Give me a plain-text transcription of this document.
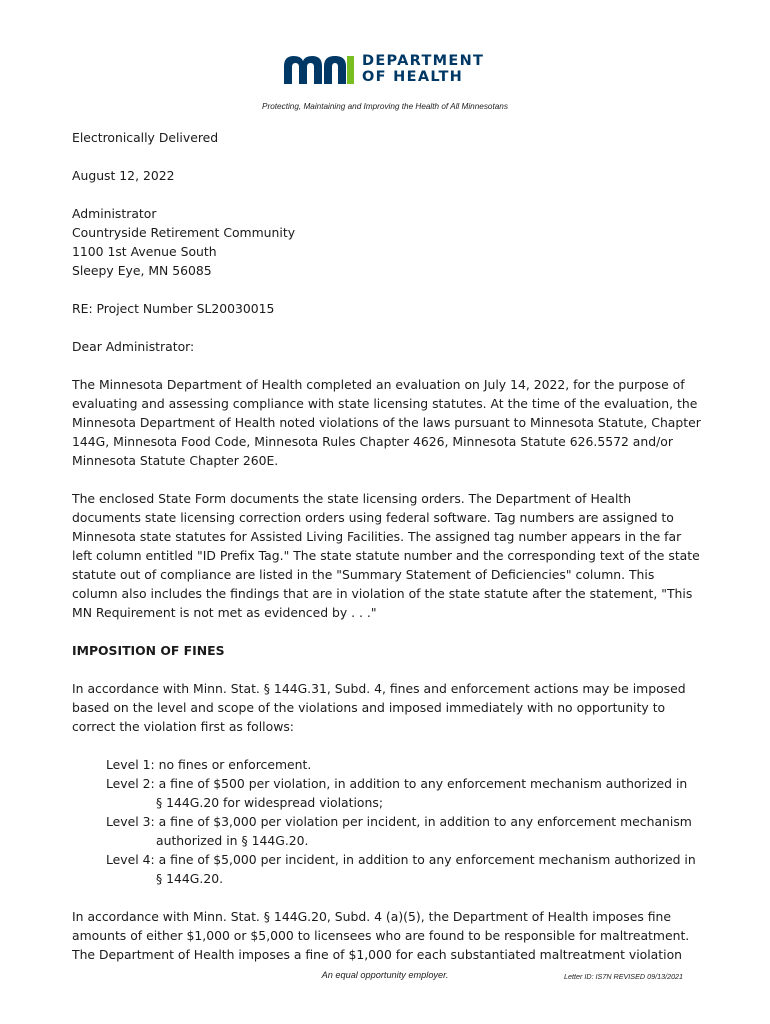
DEPARTMENT
OF HEALTH
Protecting, Maintaining and Improving the Health of All Minnesotans

Electronically Delivered

August 12, 2022

Administrator
Countryside Retirement Community
1100 1st Avenue South
Sleepy Eye, MN 56085

RE: Project Number SL20030015

Dear Administrator:

The Minnesota Department of Health completed an evaluation on July 14, 2022, for the purpose of evaluating and assessing compliance with state licensing statutes. At the time of the evaluation, the Minnesota Department of Health noted violations of the laws pursuant to Minnesota Statute, Chapter 144G, Minnesota Food Code, Minnesota Rules Chapter 4626, Minnesota Statute 626.5572 and/or Minnesota Statute Chapter 260E.

The enclosed State Form documents the state licensing orders. The Department of Health documents state licensing correction orders using federal software. Tag numbers are assigned to Minnesota state statutes for Assisted Living Facilities. The assigned tag number appears in the far left column entitled "ID Prefix Tag." The state statute number and the corresponding text of the state statute out of compliance are listed in the "Summary Statement of Deficiencies" column. This column also includes the findings that are in violation of the state statute after the statement, "This MN Requirement is not met as evidenced by . . ."

IMPOSITION OF FINES

In accordance with Minn. Stat. § 144G.31, Subd. 4, fines and enforcement actions may be imposed based on the level and scope of the violations and imposed immediately with no opportunity to correct the violation first as follows:

Level 1: no fines or enforcement.
Level 2: a fine of $500 per violation, in addition to any enforcement mechanism authorized in
§ 144G.20 for widespread violations;
Level 3: a fine of $3,000 per violation per incident, in addition to any enforcement mechanism
authorized in § 144G.20.
Level 4: a fine of $5,000 per incident, in addition to any enforcement mechanism authorized in
§ 144G.20.

In accordance with Minn. Stat. § 144G.20, Subd. 4 (a)(5), the Department of Health imposes fine amounts of either $1,000 or $5,000 to licensees who are found to be responsible for maltreatment. The Department of Health imposes a fine of $1,000 for each substantiated maltreatment violation

An equal opportunity employer.	Letter ID: IS7N REVISED 09/13/2021
